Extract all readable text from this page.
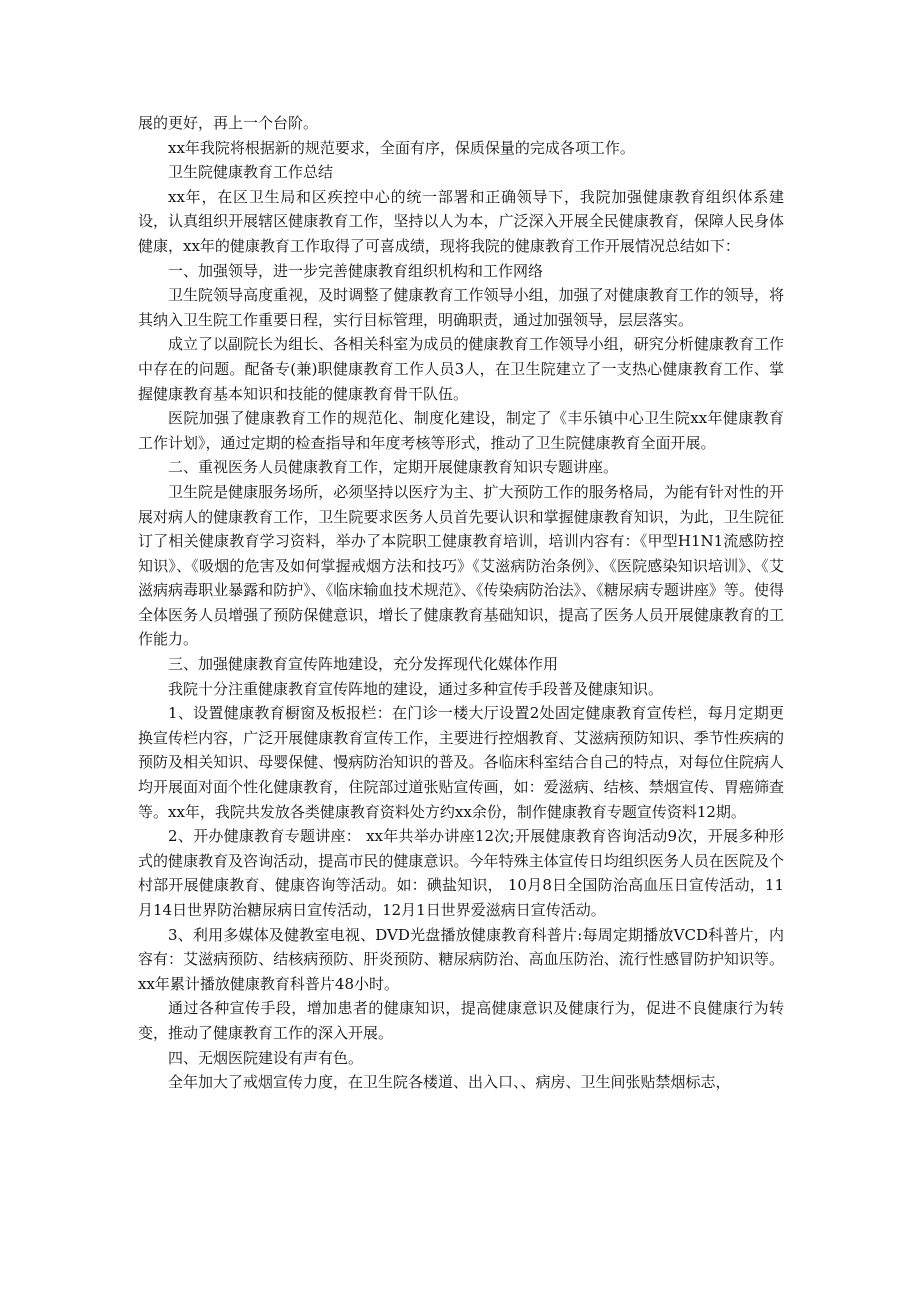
展的更好，再上一个台阶。

xx年我院将根据新的规范要求，全面有序，保质保量的完成各项工作。

卫生院健康教育工作总结

xx年，在区卫生局和区疾控中心的统一部署和正确领导下，我院加强健康教育组织体系建设，认真组织开展辖区健康教育工作，坚持以人为本，广泛深入开展全民健康教育，保障人民身体健康，xx年的健康教育工作取得了可喜成绩，现将我院的健康教育工作开展情况总结如下：

一、加强领导，进一步完善健康教育组织机构和工作网络

卫生院领导高度重视，及时调整了健康教育工作领导小组，加强了对健康教育工作的领导，将其纳入卫生院工作重要日程，实行目标管理，明确职责，通过加强领导，层层落实。

成立了以副院长为组长、各相关科室为成员的健康教育工作领导小组，研究分析健康教育工作中存在的问题。配备专(兼)职健康教育工作人员3人，在卫生院建立了一支热心健康教育工作、掌握健康教育基本知识和技能的健康教育骨干队伍。

医院加强了健康教育工作的规范化、制度化建设，制定了《丰乐镇中心卫生院xx年健康教育工作计划》，通过定期的检查指导和年度考核等形式，推动了卫生院健康教育全面开展。

二、重视医务人员健康教育工作，定期开展健康教育知识专题讲座。

卫生院是健康服务场所，必须坚持以医疗为主、扩大预防工作的服务格局，为能有针对性的开展对病人的健康教育工作，卫生院要求医务人员首先要认识和掌握健康教育知识，为此，卫生院征订了相关健康教育学习资料，举办了本院职工健康教育培训，培训内容有：《甲型H1N1流感防控知识》、《吸烟的危害及如何掌握戒烟方法和技巧》《艾滋病防治条例》、《医院感染知识培训》、《艾滋病病毒职业暴露和防护》、《临床输血技术规范》、《传染病防治法》、《糖尿病专题讲座》等。使得全体医务人员增强了预防保健意识，增长了健康教育基础知识，提高了医务人员开展健康教育的工作能力。

三、加强健康教育宣传阵地建设，充分发挥现代化媒体作用

我院十分注重健康教育宣传阵地的建设，通过多种宣传手段普及健康知识。

1、设置健康教育橱窗及板报栏：在门诊一楼大厅设置2处固定健康教育宣传栏，每月定期更换宣传栏内容，广泛开展健康教育宣传工作，主要进行控烟教育、艾滋病预防知识、季节性疾病的预防及相关知识、母婴保健、慢病防治知识的普及。各临床科室结合自己的特点，对每位住院病人均开展面对面个性化健康教育，住院部过道张贴宣传画，如：爱滋病、结核、禁烟宣传、胃癌筛查等。xx年，我院共发放各类健康教育资料处方约xx余份，制作健康教育专题宣传资料12期。

2、开办健康教育专题讲座： xx年共举办讲座12次;开展健康教育咨询活动9次，开展多种形式的健康教育及咨询活动，提高市民的健康意识。今年特殊主体宣传日均组织医务人员在医院及个村部开展健康教育、健康咨询等活动。如：碘盐知识， 10月8日全国防治高血压日宣传活动，11月14日世界防治糖尿病日宣传活动，12月1日世界爱滋病日宣传活动。

3、利用多媒体及健教室电视、DVD光盘播放健康教育科普片:每周定期播放VCD科普片，内容有：艾滋病预防、结核病预防、肝炎预防、糖尿病防治、高血压防治、流行性感冒防护知识等。xx年累计播放健康教育科普片48小时。

通过各种宣传手段，增加患者的健康知识，提高健康意识及健康行为，促进不良健康行为转变，推动了健康教育工作的深入开展。

四、无烟医院建设有声有色。

全年加大了戒烟宣传力度，在卫生院各楼道、出入口、、病房、卫生间张贴禁烟标志，
